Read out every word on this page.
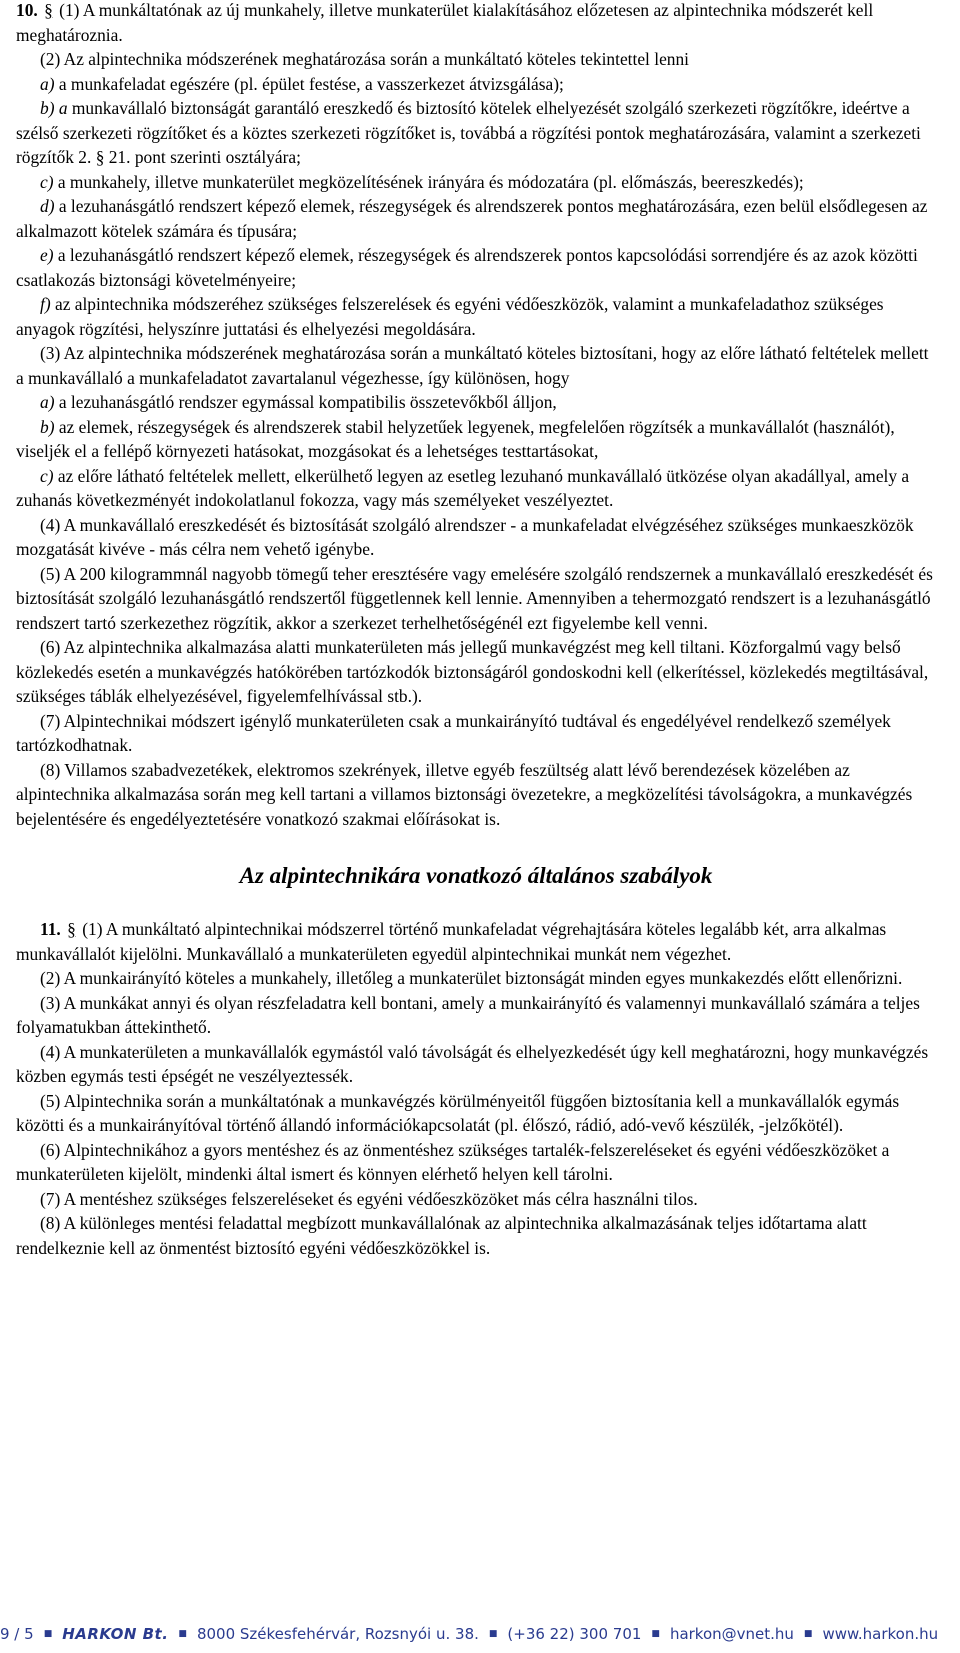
10. § (1) A munkáltatónak az új munkahely, illetve munkaterület kialakításához előzetesen az alpintechnika módszerét kell meghatároznia.

(2) Az alpintechnika módszerének meghatározása során a munkáltató köteles tekintettel lenni

a) a munkafeladat egészére (pl. épület festése, a vasszerkezet átvizsgálása);

b) a munkavállaló biztonságát garantáló ereszkedő és biztosító kötelek elhelyezését szolgáló szerkezeti rögzítőkre, ideértve a szélső szerkezeti rögzítőket és a köztes szerkezeti rögzítőket is, továbbá a rögzítési pontok meghatározására, valamint a szerkezeti rögzítők 2. § 21. pont szerinti osztályára;

c) a munkahely, illetve munkaterület megközelítésének irányára és módozatára (pl. előmászás, beereszkedés);

d) a lezuhanásgátló rendszert képező elemek, részegységek és alrendszerek pontos meghatározására, ezen belül elsődlegesen az alkalmazott kötelek számára és típusára;

e) a lezuhanásgátló rendszert képező elemek, részegységek és alrendszerek pontos kapcsolódási sorrendjére és az azok közötti csatlakozás biztonsági követelményeire;

f) az alpintechnika módszeréhez szükséges felszerelések és egyéni védőeszközök, valamint a munkafeladathoz szükséges anyagok rögzítési, helyszínre juttatási és elhelyezési megoldására.

(3) Az alpintechnika módszerének meghatározása során a munkáltató köteles biztosítani, hogy az előre látható feltételek mellett a munkavállaló a munkafeladatot zavartalanul végezhesse, így különösen, hogy

a) a lezuhanásgátló rendszer egymással kompatibilis összetevőkből álljon,

b) az elemek, részegységek és alrendszerek stabil helyzetűek legyenek, megfelelően rögzítsék a munkavállalót (használót), viseljék el a fellépő környezeti hatásokat, mozgásokat és a lehetséges testtartásokat,

c) az előre látható feltételek mellett, elkerülhető legyen az esetleg lezuhanó munkavállaló ütközése olyan akadállyal, amely a zuhanás következményét indokolatlanul fokozza, vagy más személyeket veszélyeztet.

(4) A munkavállaló ereszkedését és biztosítását szolgáló alrendszer - a munkafeladat elvégzéséhez szükséges munkaeszközök mozgatását kivéve - más célra nem vehető igénybe.

(5) A 200 kilogrammnál nagyobb tömegű teher eresztésére vagy emelésére szolgáló rendszernek a munkavállaló ereszkedését és biztosítását szolgáló lezuhanásgátló rendszertől függetlennek kell lennie. Amennyiben a tehermozgató rendszert is a lezuhanásgátló rendszert tartó szerkezethez rögzítik, akkor a szerkezet terhelhetőségénél ezt figyelembe kell venni.

(6) Az alpintechnika alkalmazása alatti munkaterületen más jellegű munkavégzést meg kell tiltani. Közforgalmú vagy belső közlekedés esetén a munkavégzés hatókörében tartózkodók biztonságáról gondoskodni kell (elkerítéssel, közlekedés megtiltásával, szükséges táblák elhelyezésével, figyelemfelhívással stb.).

(7) Alpintechnikai módszert igénylő munkaterületen csak a munkairányító tudtával és engedélyével rendelkező személyek tartózkodhatnak.

(8) Villamos szabadvezetékek, elektromos szekrények, illetve egyéb feszültség alatt lévő berendezések közelében az alpintechnika alkalmazása során meg kell tartani a villamos biztonsági övezetekre, a megközelítési távolságokra, a munkavégzés bejelentésére és engedélyeztetésére vonatkozó szakmai előírásokat is.

Az alpintechnikára vonatkozó általános szabályok

11. § (1) A munkáltató alpintechnikai módszerrel történő munkafeladat végrehajtására köteles legalább két, arra alkalmas munkavállalót kijelölni. Munkavállaló a munkaterületen egyedül alpintechnikai munkát nem végezhet.

(2) A munkairányító köteles a munkahely, illetőleg a munkaterület biztonságát minden egyes munkakezdés előtt ellenőrizni.

(3) A munkákat annyi és olyan részfeladatra kell bontani, amely a munkairányító és valamennyi munkavállaló számára a teljes folyamatukban áttekinthető.

(4) A munkaterületen a munkavállalók egymástól való távolságát és elhelyezkedését úgy kell meghatározni, hogy munkavégzés közben egymás testi épségét ne veszélyeztessék.

(5) Alpintechnika során a munkáltatónak a munkavégzés körülményeitől függően biztosítania kell a munkavállalók egymás közötti és a munkairányítóval történő állandó információkapcsolatát (pl. élőszó, rádió, adó-vevő készülék, -jelzőkötél).

(6) Alpintechnikához a gyors mentéshez és az önmentéshez szükséges tartalék-felszereléseket és egyéni védőeszközöket a munkaterületen kijelölt, mindenki által ismert és könnyen elérhető helyen kell tárolni.

(7) A mentéshez szükséges felszereléseket és egyéni védőeszközöket más célra használni tilos.

(8) A különleges mentési feladattal megbízott munkavállalónak az alpintechnika alkalmazásának teljes időtartama alatt rendelkeznie kell az önmentést biztosító egyéni védőeszközökkel is.

9 / 5 ■ HARKON Bt. ■ 8000 Székesfehérvár, Rozsnyói u. 38. ■ (+36 22) 300 701 ■ harkon@vnet.hu ■ www.harkon.hu
